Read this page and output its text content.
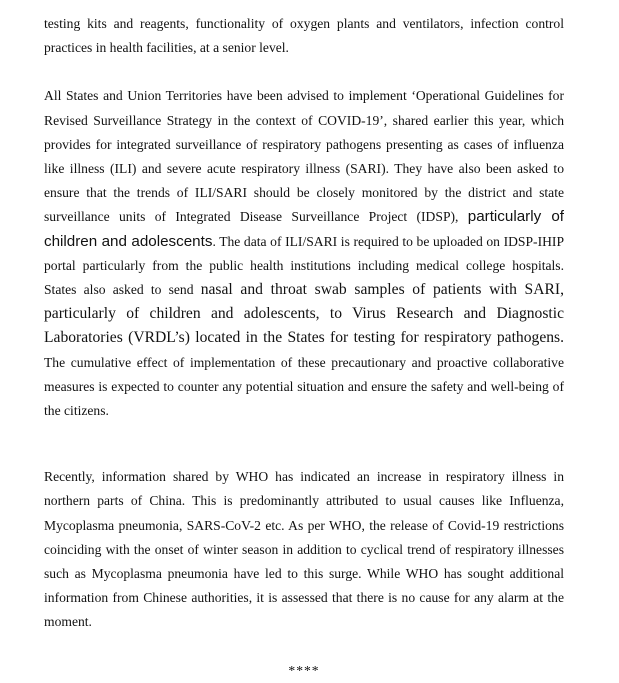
testing kits and reagents, functionality of oxygen plants and ventilators, infection control practices in health facilities, at a senior level.

All States and Union Territories have been advised to implement ‘Operational Guidelines for Revised Surveillance Strategy in the context of COVID-19’, shared earlier this year, which provides for integrated surveillance of respiratory pathogens presenting as cases of influenza like illness (ILI) and severe acute respiratory illness (SARI). They have also been asked to ensure that the trends of ILI/SARI should be closely monitored by the district and state surveillance units of Integrated Disease Surveillance Project (IDSP), particularly of children and adolescents. The data of ILI/SARI is required to be uploaded on IDSP-IHIP portal particularly from the public health institutions including medical college hospitals. States also asked to send nasal and throat swab samples of patients with SARI, particularly of children and adolescents, to Virus Research and Diagnostic Laboratories (VRDL’s) located in the States for testing for respiratory pathogens. The cumulative effect of implementation of these precautionary and proactive collaborative measures is expected to counter any potential situation and ensure the safety and well-being of the citizens.

Recently, information shared by WHO has indicated an increase in respiratory illness in northern parts of China. This is predominantly attributed to usual causes like Influenza, Mycoplasma pneumonia, SARS-CoV-2 etc. As per WHO, the release of Covid-19 restrictions coinciding with the onset of winter season in addition to cyclical trend of respiratory illnesses such as Mycoplasma pneumonia have led to this surge. While WHO has sought additional information from Chinese authorities, it is assessed that there is no cause for any alarm at the moment.

****
